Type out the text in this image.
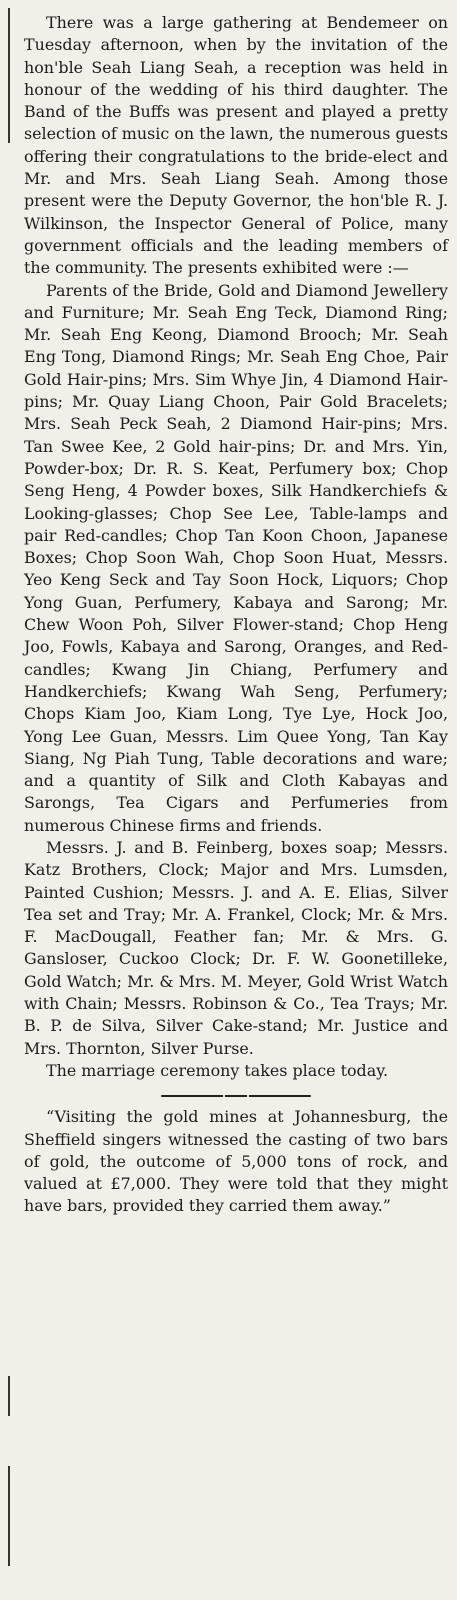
There was a large gathering at Bendemeer on Tuesday afternoon, when by the invitation of the hon'ble Seah Liang Seah, a reception was held in honour of the wedding of his third daughter. The Band of the Buffs was present and played a pretty selection of music on the lawn, the numerous guests offering their congratulations to the bride-elect and Mr. and Mrs. Seah Liang Seah. Among those present were the Deputy Governor, the hon'ble R. J. Wilkinson, the Inspector General of Police, many government officials and the leading members of the community. The presents exhibited were :—

Parents of the Bride, Gold and Diamond Jewellery and Furniture; Mr. Seah Eng Teck, Diamond Ring; Mr. Seah Eng Keong, Diamond Brooch; Mr. Seah Eng Tong, Diamond Rings; Mr. Seah Eng Choe, Pair Gold Hair-pins; Mrs. Sim Whye Jin, 4 Diamond Hair-pins; Mr. Quay Liang Choon, Pair Gold Bracelets; Mrs. Seah Peck Seah, 2 Diamond Hair-pins; Mrs. Tan Swee Kee, 2 Gold hair-pins; Dr. and Mrs. Yin, Powder-box; Dr. R. S. Keat, Perfumery box; Chop Seng Heng, 4 Powder boxes, Silk Handkerchiefs & Looking-glasses; Chop See Lee, Table-lamps and pair Red-candles; Chop Tan Koon Choon, Japanese Boxes; Chop Soon Wah, Chop Soon Huat, Messrs. Yeo Keng Seck and Tay Soon Hock, Liquors; Chop Yong Guan, Perfumery, Kabaya and Sarong; Mr. Chew Woon Poh, Silver Flower-stand; Chop Heng Joo, Fowls, Kabaya and Sarong, Oranges, and Red-candles; Kwang Jin Chiang, Perfumery and Handkerchiefs; Kwang Wah Seng, Perfumery; Chops Kiam Joo, Kiam Long, Tye Lye, Hock Joo, Yong Lee Guan, Messrs. Lim Quee Yong, Tan Kay Siang, Ng Piah Tung, Table decorations and ware; and a quantity of Silk and Cloth Kabayas and Sarongs, Tea Cigars and Perfumeries from numerous Chinese firms and friends.

Messrs. J. and B. Feinberg, boxes soap; Messrs. Katz Brothers, Clock; Major and Mrs. Lumsden, Painted Cushion; Messrs. J. and A. E. Elias, Silver Tea set and Tray; Mr. A. Frankel, Clock; Mr. & Mrs. F. MacDougall, Feather fan; Mr. & Mrs. G. Gansloser, Cuckoo Clock; Dr. F. W. Goonetilleke, Gold Watch; Mr. & Mrs. M. Meyer, Gold Wrist Watch with Chain; Messrs. Robinson & Co., Tea Trays; Mr. B. P. de Silva, Silver Cake-stand; Mr. Justice and Mrs. Thornton, Silver Purse.

The marriage ceremony takes place today.

“Visiting the gold mines at Johannesburg, the Sheffield singers witnessed the casting of two bars of gold, the outcome of 5,000 tons of rock, and valued at £7,000. They were told that they might have bars, provided they carried them away.”
